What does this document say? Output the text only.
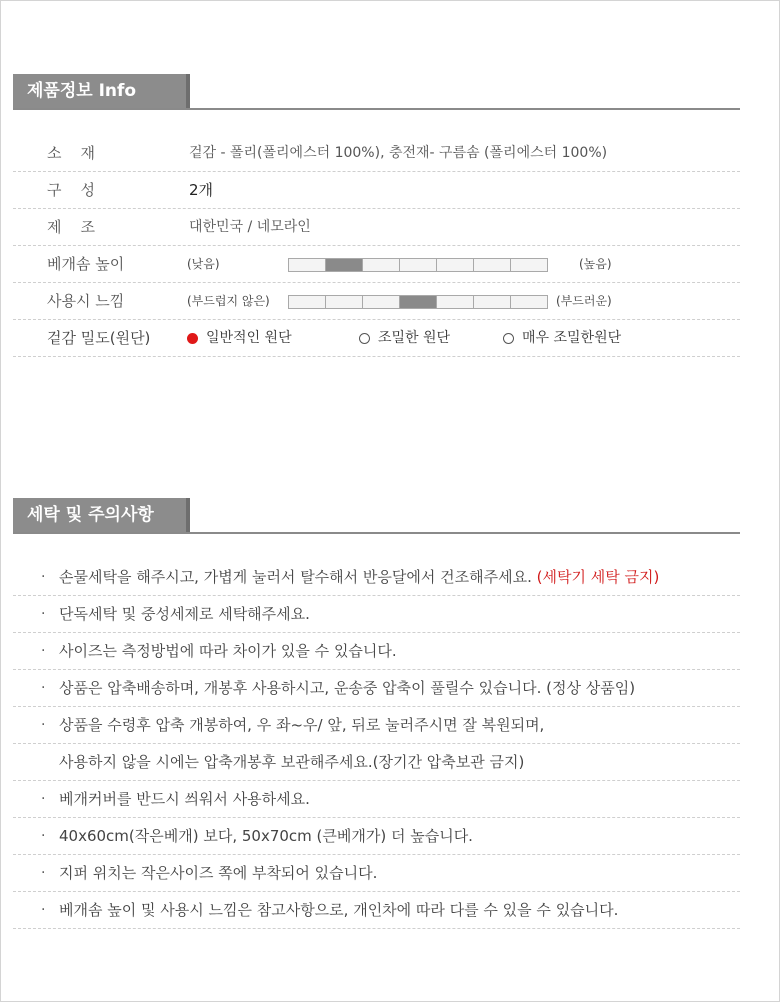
제품정보 Info
소    재	겉감 - 폴리(폴리에스터 100%), 충전재- 구름솜 (폴리에스터 100%)
구    성	2개
제    조	대한민국 / 네모라인
베개솜 높이	(낮음)	(높음)
사용시 느낌	(부드럽지 않은)	(부드러운)
겉감 밀도(원단)	일반적인 원단	조밀한 원단	매우 조밀한원단
세탁 및 주의사항
· 손물세탁을 해주시고, 가볍게 눌러서 탈수해서 반응달에서 건조해주세요. (세탁기 세탁 금지)
· 단독세탁 및 중성세제로 세탁해주세요.
· 사이즈는 측정방법에 따라 차이가 있을 수 있습니다.
· 상품은 압축배송하며, 개봉후 사용하시고, 운송중 압축이 풀릴수 있습니다. (정상 상품임)
· 상품을 수령후 압축 개봉하여, 우 좌~우/ 앞, 뒤로 눌러주시면 잘 복원되며,
사용하지 않을 시에는 압축개봉후 보관해주세요.(장기간 압축보관 금지)
· 베개커버를 반드시 씌워서 사용하세요.
· 40x60cm(작은베개) 보다, 50x70cm (큰베개가) 더 높습니다.
· 지퍼 위치는 작은사이즈 쪽에 부착되어 있습니다.
· 베개솜 높이 및 사용시 느낌은 참고사항으로, 개인차에 따라 다를 수 있을 수 있습니다.
